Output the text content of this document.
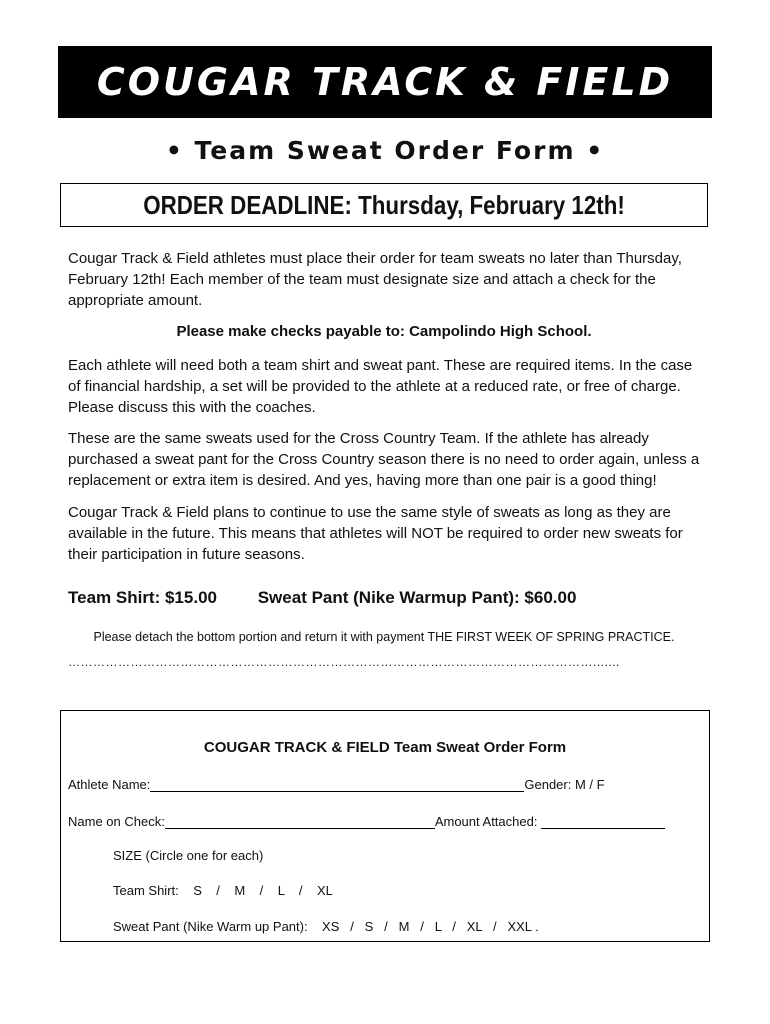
COUGAR TRACK & FIELD
• Team Sweat Order Form •
ORDER DEADLINE: Thursday, February 12th!

Cougar Track & Field athletes must place their order for team sweats no later than Thursday, February 12th! Each member of the team must designate size and attach a check for the appropriate amount.

Please make checks payable to: Campolindo High School.

Each athlete will need both a team shirt and sweat pant. These are required items. In the case of financial hardship, a set will be provided to the athlete at a reduced rate, or free of charge. Please discuss this with the coaches.

These are the same sweats used for the Cross Country Team. If the athlete has already purchased a sweat pant for the Cross Country season there is no need to order again, unless a replacement or extra item is desired. And yes, having more than one pair is a good thing!

Cougar Track & Field plans to continue to use the same style of sweats as long as they are available in the future. This means that athletes will NOT be required to order new sweats for their participation in future seasons.

Team Shirt: $15.00 Sweat Pant (Nike Warmup Pant): $60.00
Please detach the bottom portion and return it with payment THE FIRST WEEK OF SPRING PRACTICE.
……………………………………………………………………………………………………………….......
COUGAR TRACK & FIELD Team Sweat Order Form
Athlete Name:	Gender: M / F
Name on Check:	Amount Attached:
SIZE (Circle one for each)
Team Shirt:    S    /    M    /    L    /    XL
Sweat Pant (Nike Warm up Pant):    XS   /   S   /   M   /   L   /   XL   /   XXL .
